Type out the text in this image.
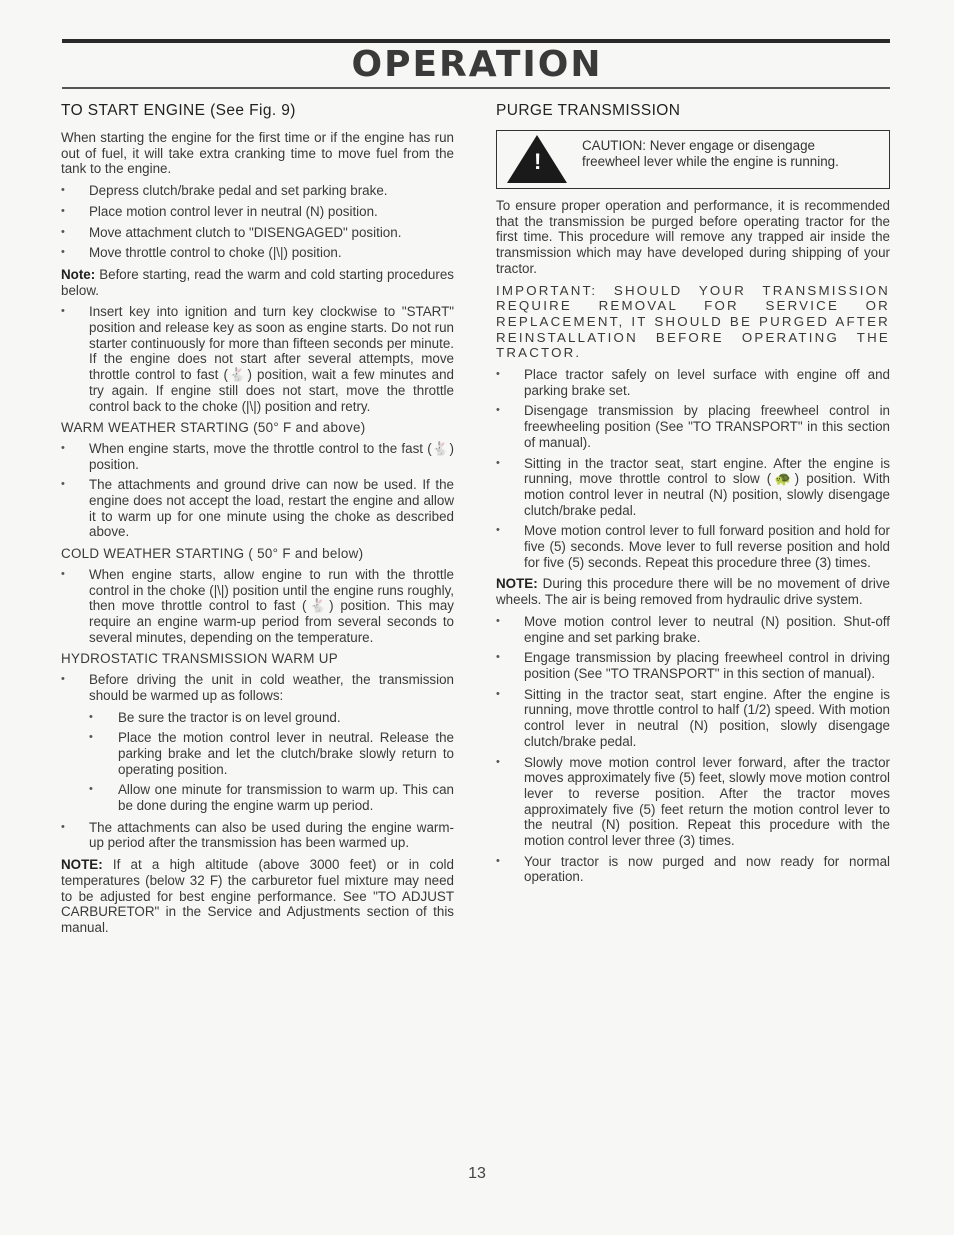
OPERATION
TO START ENGINE (See Fig. 9)

When starting the engine for the first time or if the engine has run out of fuel, it will take extra cranking time to move fuel from the tank to the engine.

• Depress clutch/brake pedal and set parking brake.
• Place motion control lever in neutral (N) position.
• Move attachment clutch to "DISENGAGED" position.
• Move throttle control to choke (|\|) position.

Note: Before starting, read the warm and cold starting procedures below.

• Insert key into ignition and turn key clockwise to "START" position and release key as soon as engine starts. Do not run starter continuously for more than fifteen seconds per minute. If the engine does not start after several attempts, move throttle control to fast (🐇) position, wait a few minutes and try again. If engine still does not start, move the throttle control back to the choke (|\|) position and retry.
WARM WEATHER STARTING (50° F and above)
• When engine starts, move the throttle control to the fast (🐇) position.
• The attachments and ground drive can now be used. If the engine does not accept the load, restart the engine and allow it to warm up for one minute using the choke as described above.
COLD WEATHER STARTING ( 50° F and below)
• When engine starts, allow engine to run with the throttle control in the choke (|\|) position until the engine runs roughly, then move throttle control to fast (🐇) position. This may require an engine warm-up period from several seconds to several minutes, depending on the temperature.
HYDROSTATIC TRANSMISSION WARM UP
• Before driving the unit in cold weather, the transmission should be warmed up as follows:
• Be sure the tractor is on level ground.
• Place the motion control lever in neutral. Release the parking brake and let the clutch/brake slowly return to operating position.
• Allow one minute for transmission to warm up. This can be done during the engine warm up period.
• The attachments can also be used during the engine warm-up period after the transmission has been warmed up.

NOTE: If at a high altitude (above 3000 feet) or in cold temperatures (below 32 F) the carburetor fuel mixture may need to be adjusted for best engine performance. See "TO ADJUST CARBURETOR" in the Service and Adjustments section of this manual.

PURGE TRANSMISSION
!
CAUTION: Never engage or disengage freewheel lever while the engine is running.

To ensure proper operation and performance, it is recommended that the transmission be purged before operating tractor for the first time. This procedure will remove any trapped air inside the transmission which may have developed during shipping of your tractor.

IMPORTANT: SHOULD YOUR TRANSMISSION REQUIRE REMOVAL FOR SERVICE OR REPLACEMENT, IT SHOULD BE PURGED AFTER REINSTALLATION BEFORE OPERATING THE TRACTOR.

• Place tractor safely on level surface with engine off and parking brake set.
• Disengage transmission by placing freewheel control in freewheeling position (See "TO TRANSPORT" in this section of manual).
• Sitting in the tractor seat, start engine. After the engine is running, move throttle control to slow (🐢) position. With motion control lever in neutral (N) position, slowly disengage clutch/brake pedal.
• Move motion control lever to full forward position and hold for five (5) seconds. Move lever to full reverse position and hold for five (5) seconds. Repeat this procedure three (3) times.

NOTE: During this procedure there will be no movement of drive wheels. The air is being removed from hydraulic drive system.

• Move motion control lever to neutral (N) position. Shut-off engine and set parking brake.
• Engage transmission by placing freewheel control in driving position (See "TO TRANSPORT" in this section of manual).
• Sitting in the tractor seat, start engine. After the engine is running, move throttle control to half (1/2) speed. With motion control lever in neutral (N) position, slowly disengage clutch/brake pedal.
• Slowly move motion control lever forward, after the tractor moves approximately five (5) feet, slowly move motion control lever to reverse position. After the tractor moves approximately five (5) feet return the motion control lever to the neutral (N) position. Repeat this procedure with the motion control lever three (3) times.
• Your tractor is now purged and now ready for normal operation.
13
